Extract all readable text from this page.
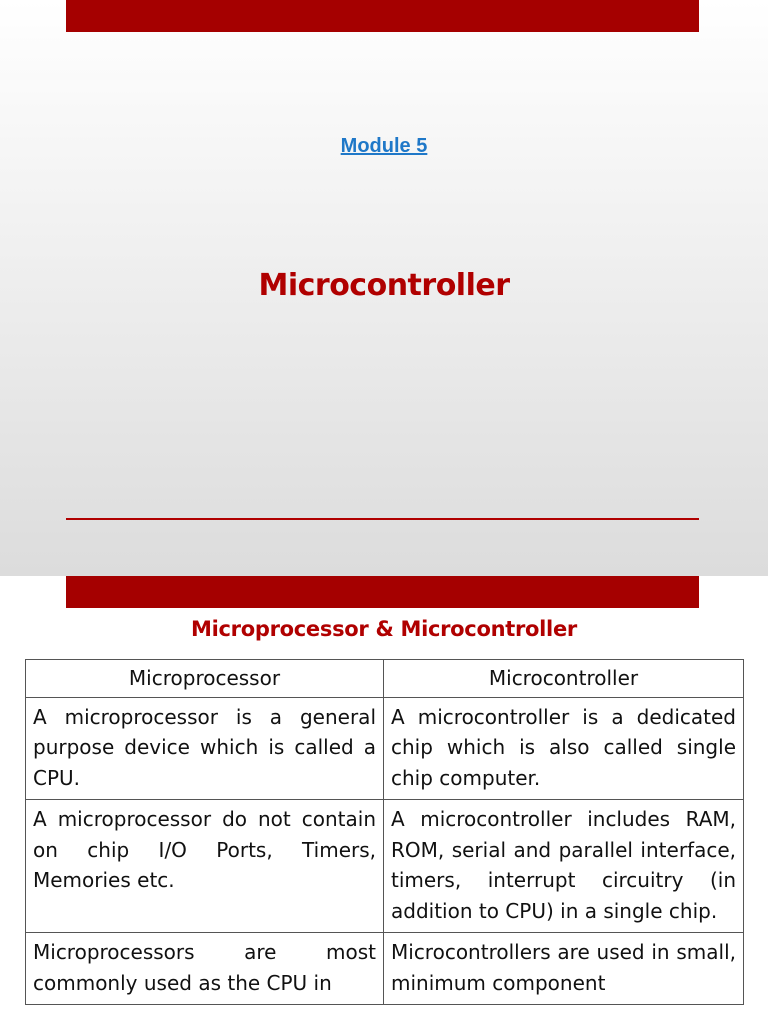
Module 5
Microcontroller
Microprocessor & Microcontroller
Microprocessor	Microcontroller
A microprocessor is a general purpose device which is called a CPU.	A microcontroller is a dedicated chip which is also called single chip computer.
A microprocessor do not contain on chip I/O Ports, Timers, Memories etc.	A microcontroller includes RAM, ROM, serial and parallel interface, timers, interrupt circuitry (in addition to CPU) in a single chip.
Microprocessors are most commonly used as the CPU in	Microcontrollers are used in small, minimum component
